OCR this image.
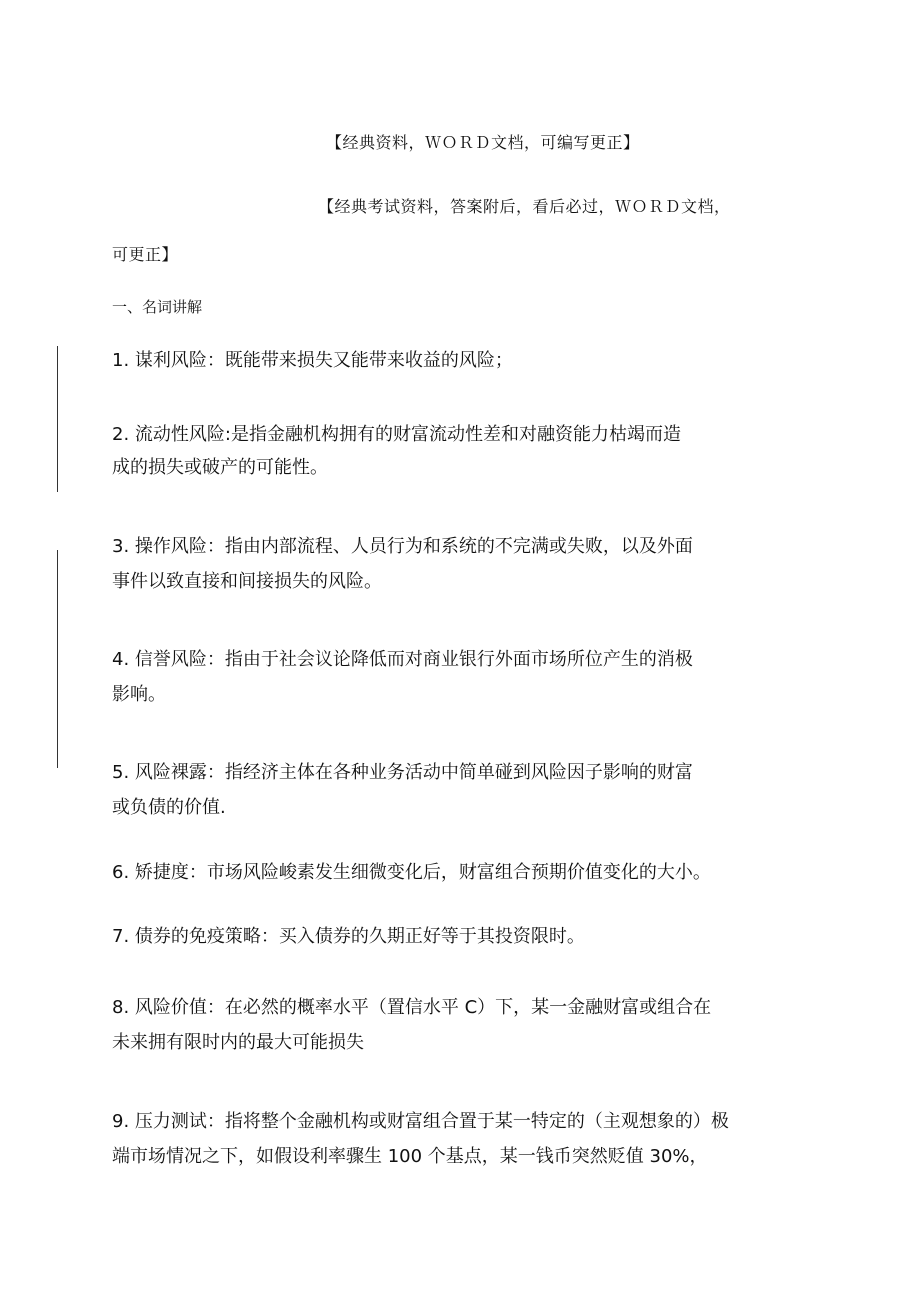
【经典资料，ＷＯＲＤ文档，可编写更正】
【经典考试资料，答案附后，看后必过，ＷＯＲＤ文档，
可更正】
一、名词讲解
1. 谋利风险：既能带来损失又能带来收益的风险；
2. 流动性风险:是指金融机构拥有的财富流动性差和对融资能力枯竭而造
成的损失或破产的可能性。
3. 操作风险：指由内部流程、人员行为和系统的不完满或失败，以及外面
事件以致直接和间接损失的风险。
4. 信誉风险：指由于社会议论降低而对商业银行外面市场所位产生的消极
影响。
5. 风险裸露：指经济主体在各种业务活动中简单碰到风险因子影响的财富
或负债的价值.
6. 矫捷度：市场风险峻素发生细微变化后，财富组合预期价值变化的大小。
7. 债券的免疫策略：买入债券的久期正好等于其投资限时。
8. 风险价值：在必然的概率水平（置信水平 C）下，某一金融财富或组合在
未来拥有限时内的最大可能损失
9. 压力测试：指将整个金融机构或财富组合置于某一特定的（主观想象的）极
端市场情况之下，如假设利率骤生 100 个基点，某一钱币突然贬值 30%，
